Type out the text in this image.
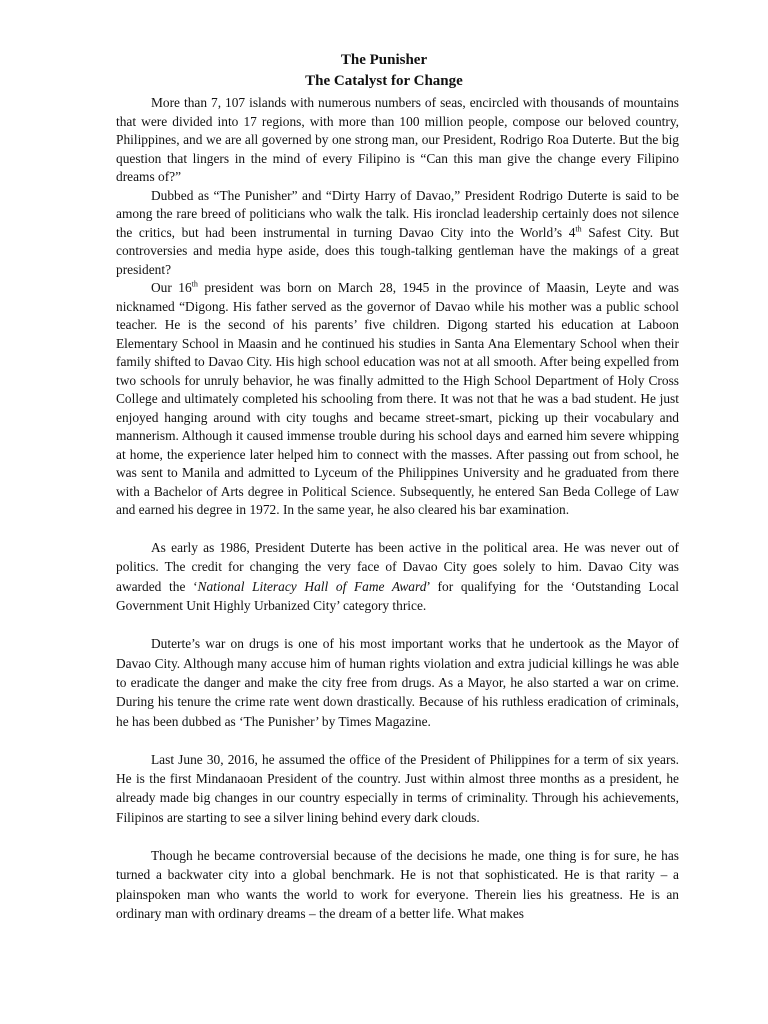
The Punisher
The Catalyst for Change

More than 7, 107 islands with numerous numbers of seas, encircled with thousands of mountains that were divided into 17 regions, with more than 100 million people, compose our beloved country, Philippines, and we are all governed by one strong man, our President, Rodrigo Roa Duterte. But the big question that lingers in the mind of every Filipino is “Can this man give the change every Filipino dreams of?”

Dubbed as “The Punisher” and “Dirty Harry of Davao,” President Rodrigo Duterte is said to be among the rare breed of politicians who walk the talk. His ironclad leadership certainly does not silence the critics, but had been instrumental in turning Davao City into the World’s 4th Safest City. But controversies and media hype aside, does this tough-talking gentleman have the makings of a great president?

Our 16th president was born on March 28, 1945 in the province of Maasin, Leyte and was nicknamed “Digong. His father served as the governor of Davao while his mother was a public school teacher. He is the second of his parents’ five children. Digong started his education at Laboon Elementary School in Maasin and he continued his studies in Santa Ana Elementary School when their family shifted to Davao City. His high school education was not at all smooth. After being expelled from two schools for unruly behavior, he was finally admitted to the High School Department of Holy Cross College and ultimately completed his schooling from there. It was not that he was a bad student. He just enjoyed hanging around with city toughs and became street-smart, picking up their vocabulary and mannerism. Although it caused immense trouble during his school days and earned him severe whipping at home, the experience later helped him to connect with the masses. After passing out from school, he was sent to Manila and admitted to Lyceum of the Philippines University and he graduated from there with a Bachelor of Arts degree in Political Science. Subsequently, he entered San Beda College of Law and earned his degree in 1972. In the same year, he also cleared his bar examination.

As early as 1986, President Duterte has been active in the political area. He was never out of politics. The credit for changing the very face of Davao City goes solely to him. Davao City was awarded the ‘National Literacy Hall of Fame Award’ for qualifying for the ‘Outstanding Local Government Unit Highly Urbanized City’ category thrice.

Duterte’s war on drugs is one of his most important works that he undertook as the Mayor of Davao City. Although many accuse him of human rights violation and extra judicial killings he was able to eradicate the danger and make the city free from drugs. As a Mayor, he also started a war on crime. During his tenure the crime rate went down drastically. Because of his ruthless eradication of criminals, he has been dubbed as ‘The Punisher’ by Times Magazine.

Last June 30, 2016, he assumed the office of the President of Philippines for a term of six years. He is the first Mindanaoan President of the country. Just within almost three months as a president, he already made big changes in our country especially in terms of criminality. Through his achievements, Filipinos are starting to see a silver lining behind every dark clouds.

Though he became controversial because of the decisions he made, one thing is for sure, he has turned a backwater city into a global benchmark. He is not that sophisticated. He is that rarity – a plainspoken man who wants the world to work for everyone. Therein lies his greatness. He is an ordinary man with ordinary dreams – the dream of a better life. What makes
